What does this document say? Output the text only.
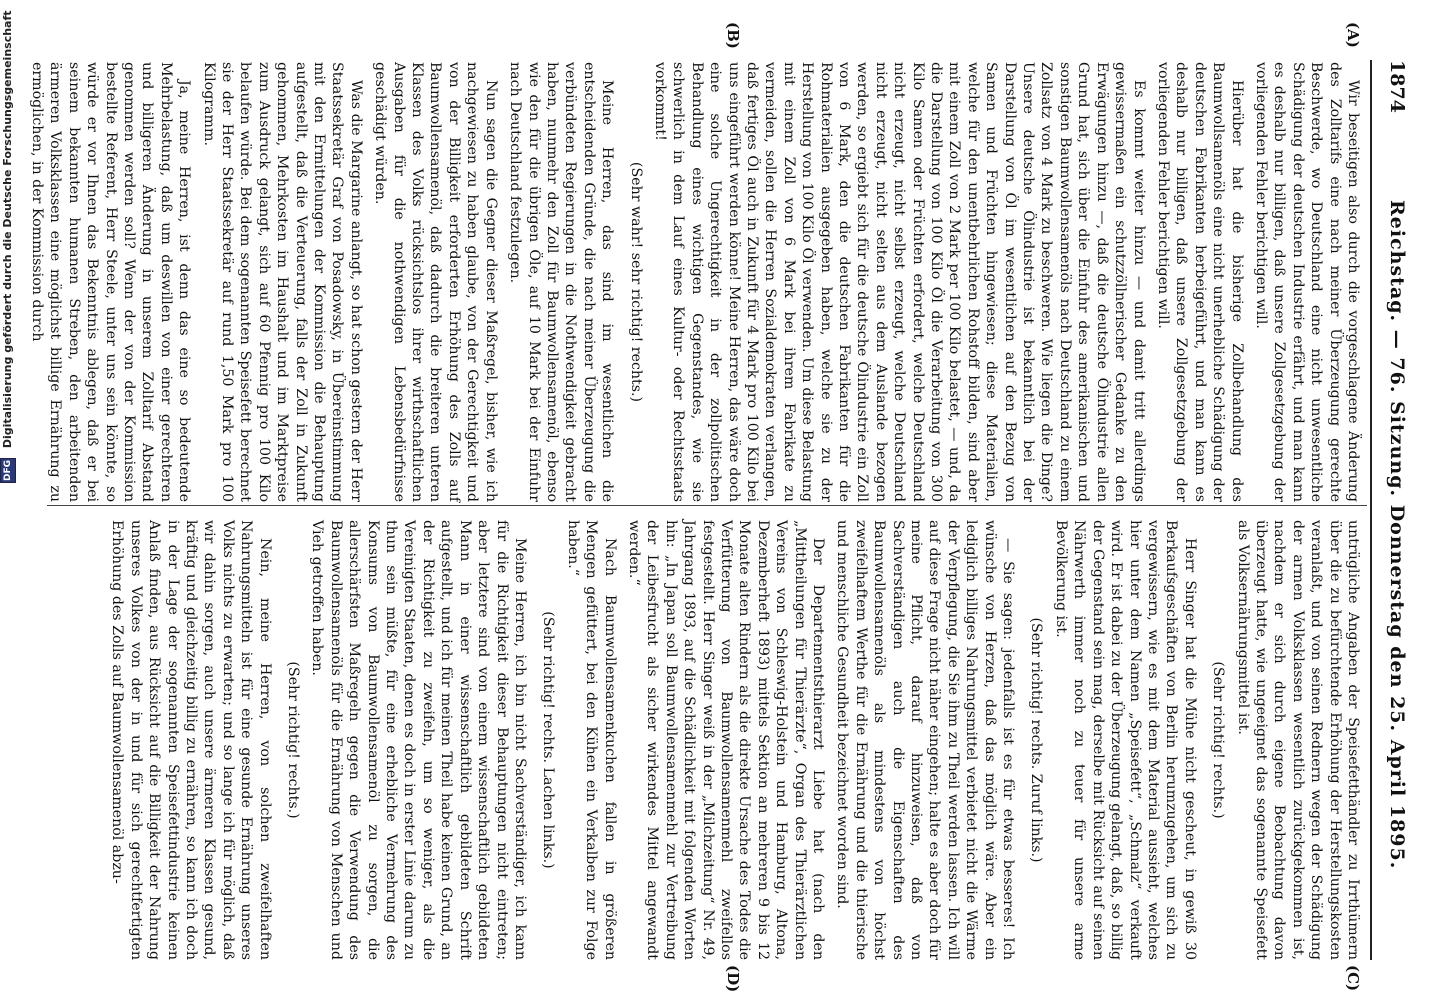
1874
Reichstag. — 76. Sitzung. Donnerstag den 25. April 1895.
(A)
(B)
(C)
(D)

Wir beseitigen also durch die vorgeschlagene Änderung des Zolltarifs eine nach meiner Überzeugung gerechte Beschwerde, wo Deutschland eine nicht unwesentliche Schädigung der deutschen Industrie erfährt, und man kann es deshalb nur billigen, daß unsere Zollgesetzgebung der vorliegenden Fehler berichtigen will.

Hierüber hat die bisherige Zollbehandlung des Baumwollsamenöls eine nicht unerhebliche Schädigung der deutschen Fabrikanten herbeigeführt, und man kann es deshalb nur billigen, daß unsere Zollgesetzgebung der vorliegenden Fehler berichtigen will.

Es kommt weiter hinzu — und damit tritt allerdings gewissermaßen ein schutzzöllnerischer Gedanke zu den Erwägungen hinzu —, daß die deutsche Ölindustrie allen Grund hat, sich über die Einfuhr des amerikanischen und sonstigen Baumwollensamenöls nach Deutschland zu einem Zollsatz von 4 Mark zu beschweren. Wie liegen die Dinge? Unsere deutsche Ölindustrie ist bekanntlich bei der Darstellung von Öl im wesentlichen auf den Bezug von Samen und Früchten hingewiesen; diese Materialien, welche für den unentbehrlichen Rohstoff bilden, sind aber mit einem Zoll von 2 Mark per 100 Kilo belastet, — und, da die Darstellung von 100 Kilo Öl die Verarbeitung von 300 Kilo Samen oder Früchten erfordert, welche Deutschland nicht erzeugt, nicht selbst erzeugt, welche Deutschland nicht erzeugt, nicht selten aus dem Auslande bezogen werden, so ergiebt sich für die deutsche Ölindustrie ein Zoll von 6 Mark, den die deutschen Fabrikanten für die Rohmaterialien ausgegeben haben, welche sie zu der Herstellung von 100 Kilo Öl verwenden. Um diese Belastung mit einem Zoll von 6 Mark bei ihrem Fabrikate zu vermeiden, sollen die Herren Sozialdemokraten verlangen, daß fertiges Öl auch in Zukunft für 4 Mark pro 100 Kilo bei uns eingeführt werden könne! Meine Herren, das wäre doch eine solche Ungerechtigkeit in der zollpolitischen Behandlung eines wichtigen Gegenstandes, wie sie schwerlich in dem Lauf eines Kultur- oder Rechtsstaats vorkommt!

(Sehr wahr! sehr richtig! rechts.)

Meine Herren, das sind im wesentlichen die entscheidenden Gründe, die nach meiner Überzeugung die verbündeten Regierungen in die Nothwendigkeit gebracht haben, nunmehr den Zoll für Baumwollensamenöl, ebenso wie den für die übrigen Öle, auf 10 Mark bei der Einfuhr nach Deutschland festzulegen.

Nun sagen die Gegner dieser Maßregel, bisher, wie ich nachgewiesen zu haben glaube, von der Gerechtigkeit und von der Billigkeit erforderten Erhöhung des Zolls auf Baumwollensamenöl, daß dadurch die breiteren unteren Klassen des Volks rücksichtslos ihrer wirthschaftlichen Ausgaben für die nothwendigen Lebensbedürfnisse geschädigt würden.

Was die Margarine anlangt, so hat schon gestern der Herr Staatssekretär Graf von Posadowsky, in Übereinstimmung mit den Ermittelungen der Kommission die Behauptung aufgestellt, daß die Verteuerung, falls der Zoll in Zukunft gehommen, Mehrkosten im Haushalt und im Marktpreise zum Ausdruck gelangt, sich auf 60 Pfennig pro 100 Kilo belaufen würde. Bei dem sogenannten Speisefett berechnet sie der Herr Staatssekretär auf rund 1,50 Mark pro 100 Kilogramm.

Ja, meine Herren, ist denn das eine so bedeutende Mehrbelastung, daß um deswillen von einer gerechteren und billigeren Änderung in unserem Zolltarif Abstand genommen werden soll? Wenn der von der Kommission bestellte Referent, Herr Steele, unter uns sein könnte, so würde er vor Ihnen das Bekenntnis ablegen, daß er bei seinem bekannten humanen Streben, den arbeitenden ärmeren Volksklassen eine möglichst billige Ernährung zu ermöglichen, in der Kommission durch

untrügliche Angaben der Speisefetthändler zu Irrthümern über die zu befürchtende Erhöhung der Herstellungskosten veranlaßt, und von seinen Rednern wegen der Schädigung der armen Volksklassen wesentlich zurückgekommen ist, nachdem er sich durch eigene Beobachtung davon überzeugt hatte, wie ungeeignet das sogenannte Speisefett als Volksernährungsmittel ist.

(Sehr richtig! rechts.)

Herr Singer hat die Mühe nicht gescheut, in gewiß 30 Berkaufsgeschäften von Berlin herumzugehen, um sich zu vergewissern, wie es mit dem Material aussieht, welches hier unter dem Namen „Speisefett“, „Schmalz“ verkauft wird. Er ist dabei zu der Überzeugung gelangt, daß, so billig der Gegenstand sein mag, derselbe mit Rücksicht auf seinen Nährwerth immer noch zu teuer für unsere arme Bevölkerung ist.

(Sehr richtig! rechts. Zuruf links.)

— Sie sagen: jedenfalls ist es für etwas besseres! Ich wünsche von Herzen, daß das möglich wäre. Aber ein lediglich billiges Nahrungsmittel verbietet nicht die Wärme der Verpflegung, die Sie ihm zu Theil werden lassen. Ich will auf diese Frage nicht näher eingehen; halte es aber doch für meine Pflicht, darauf hinzuweisen, daß von Sachverständigen auch die Eigenschaften des Baumwollensamenöls als mindestens von höchst zweifelhaftem Werthe für die Ernährung und die thierische und menschliche Gesundheit bezeichnet worden sind.

Der Departementsthierarzt Liebe hat (nach den „Mittheilungen für Thierärzte“, Organ des Thierärztlichen Vereins von Schleswig-Holstein und Hamburg, Altona, Dezemberheft 1893) mittels Sektion an mehreren 9 bis 12 Monate alten Rindern als die direkte Ursache des Todes die Verfütterung von Baumwollensamenmehl zweifellos festgestellt. Herr Singer weiß in der „Milchzeitung“ Nr. 49, Jahrgang 1893, auf die Schädlichkeit mit folgenden Worten hin: „In Japan soll Baumwollensamenmehl zur Vertreibung der Leibesfrucht als sicher wirkendes Mittel angewandt werden.“

Nach Baumwollensamenkuchen fallen in größeren Mengen gefüttert, bei den Kühen ein Verkalben zur Folge haben.“

(Sehr richtig! rechts. Lachen links.)

Meine Herren, ich bin nicht Sachverständiger, ich kann für die Richtigkeit dieser Behauptungen nicht eintreten; aber letztere sind von einem wissenschaftlich gebildeten Mann in einer wissenschaftlich gebildeten Schrift aufgestellt, und ich für meinen Theil habe keinen Grund, an der Richtigkeit zu zweifeln, um so weniger, als die Vereinigten Staaten, denen es doch in erster Linie darum zu thun sein müßte, für eine erhebliche Vermehrung des Konsums von Baumwollensamenöl zu sorgen, die allerschärfsten Maßregeln gegen die Verwendung des Baumwollensamenöls für die Ernährung von Menschen und Vieh getroffen haben.

(Sehr richtig! rechts.)

Nein, meine Herren, von solchen zweifelhaften Nahrungsmitteln ist für eine gesunde Ernährung unseres Volks nichts zu erwarten; und so lange ich für möglich, daß wir dahin sorgen, auch unsere ärmeren Klassen gesund, kräftig und gleichzeitig billig zu ernähren, so kann ich doch in der Lage der sogenannten Speisefettindustrie keinen Anlaß finden, aus Rücksicht auf die Billigkeit der Nahrung unseres Volkes von der in und für sich gerechtfertigten Erhöhung des Zolls auf Baumwollensamenöl abzu-

DFG Digitalisierung gefördert durch die Deutsche Forschungsgemeinschaft
